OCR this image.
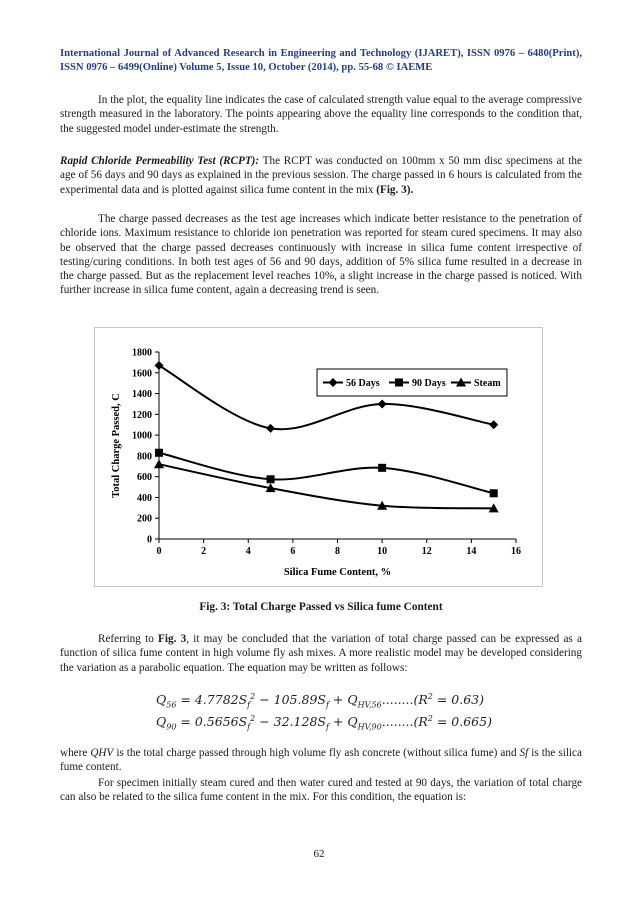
International Journal of Advanced Research in Engineering and Technology (IJARET), ISSN 0976 – 6480(Print), ISSN 0976 – 6499(Online) Volume 5, Issue 10, October (2014), pp. 55-68 © IAEME

In the plot, the equality line indicates the case of calculated strength value equal to the average compressive strength measured in the laboratory. The points appearing above the equality line corresponds to the condition that, the suggested model under-estimate the strength.

Rapid Chloride Permeability Test (RCPT): The RCPT was conducted on 100mm x 50 mm disc specimens at the age of 56 days and 90 days as explained in the previous session. The charge passed in 6 hours is calculated from the experimental data and is plotted against silica fume content in the mix (Fig. 3).

The charge passed decreases as the test age increases which indicate better resistance to the penetration of chloride ions. Maximum resistance to chloride ion penetration was reported for steam cured specimens. It may also be observed that the charge passed decreases continuously with increase in silica fume content irrespective of testing/curing conditions. In both test ages of 56 and 90 days, addition of 5% silica fume resulted in a decrease in the charge passed. But as the replacement level reaches 10%, a slight increase in the charge passed is noticed. With further increase in silica fume content, again a decreasing trend is seen.

0
200
400
600
800
1000
1200
1400
1600
1800
0	2	4	6	8	10	12	14	16
Silica Fume Content, %
Total Charge Passed, C
56 Days	90 Days	Steam
Fig. 3: Total Charge Passed vs Silica fume Content

Referring to Fig. 3, it may be concluded that the variation of total charge passed can be expressed as a function of silica fume content in high volume fly ash mixes. A more realistic model may be developed considering the variation as a parabolic equation. The equation may be written as follows:

$Q_{56} = 4.7782S_f^2 - 105.89S_f + Q_{HV,56}........(R^2 = 0.63)$
$Q_{90} = 0.5656S_f^2 - 32.128S_f + Q_{HV,90}........(R^2 = 0.665)$

where QHV is the total charge passed through high volume fly ash concrete (without silica fume) and Sf is the silica fume content.

For specimen initially steam cured and then water cured and tested at 90 days, the variation of total charge can also be related to the silica fume content in the mix. For this condition, the equation is:

62
